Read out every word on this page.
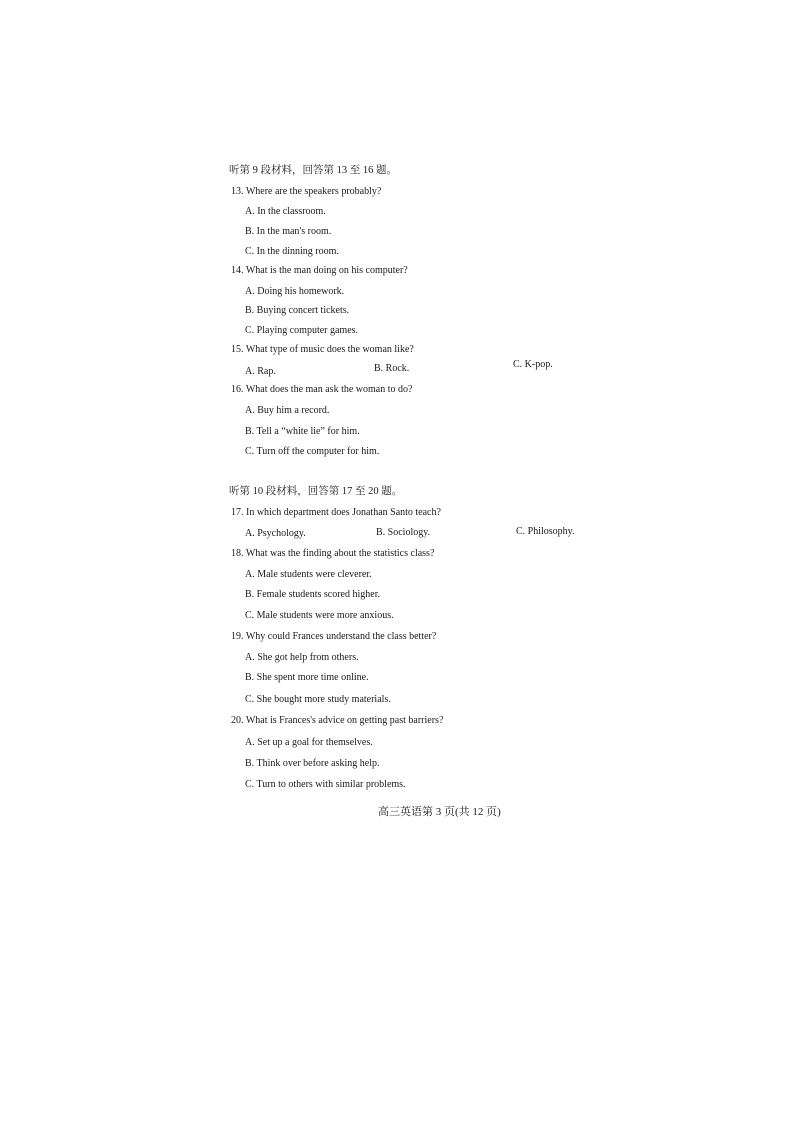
听第 9 段材料，回答第 13 至 16 题。
13. Where are the speakers probably?
A. In the classroom.
B. In the man's room.
C. In the dinning room.
14. What is the man doing on his computer?
A. Doing his homework.
B. Buying concert tickets.
C. Playing computer games.
15. What type of music does the woman like?
A. Rap.	B. Rock.	C. K-pop.
16. What does the man ask the woman to do?
A. Buy him a record.
B. Tell a “white lie” for him.
C. Turn off the computer for him.
听第 10 段材料，回答第 17 至 20 题。
17. In which department does Jonathan Santo teach?
A. Psychology.	B. Sociology.	C. Philosophy.
18. What was the finding about the statistics class?
A. Male students were cleverer.
B. Female students scored higher.
C. Male students were more anxious.
19. Why could Frances understand the class better?
A. She got help from others.
B. She spent more time online.
C. She bought more study materials.
20. What is Frances's advice on getting past barriers?
A. Set up a goal for themselves.
B. Think over before asking help.
C. Turn to others with similar problems.
高三英语第 3 页(共 12 页)
